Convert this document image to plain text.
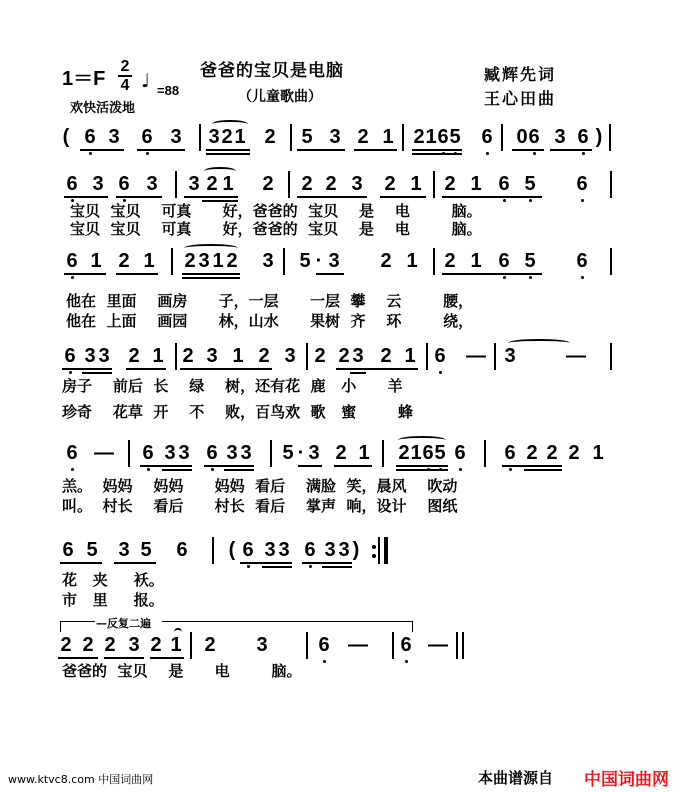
1＝F
2
4 ♩ =88
欢快活泼地
爸爸的宝贝是电脑
（儿童歌曲）
臧辉先词
王心田曲
( 6 3 6 3 3 2 1 2 5 3 2 1 2 1 6 5 6 0 6 3 6 )
6 3 6 3 3 2 1 2 2 2 3 2 1 2 1 6 5 6
6 1 2 1 2 3 1 2 3 5 · 3 2 1 2 1 6 5 6
6 3 3 2 1 2 3 1 2 3 2 2 3 2 1 6 — 3	—
6 — 6 3 3 6 3 3 5 · 3 2 1 2 1 6 5 6 6 2 2 2 1
6 5 3 5 6 ( 6 3 3 6 3 3 )
2 2 2 3 2 1 2 3	6 — 6 —
宝贝  宝贝    可真      好，爸爸的  宝贝    是    电        脑。
宝贝  宝贝    可真      好，爸爸的  宝贝    是    电        脑。
他在  里面    画房      子，一层      一层  攀    云        腰，
他在  上面    画园      林，山水      果树  齐    环        绕，
房子    前后  长    绿    树，还有花  鹿   小      羊
珍奇    花草  开    不    败，百鸟欢  歌   蜜        蜂
羔。  妈妈    妈妈      妈妈  看后    满脸  笑，晨风    吹动
叫。  村长    看后      村长  看后    掌声  响，设计    图纸
花   夹     袄。
市   里     报。
爸爸的  宝贝    是      电        脑。
—反复二遍
www.ktvc8.com 中国词曲网	本曲谱源自 中国词曲网
